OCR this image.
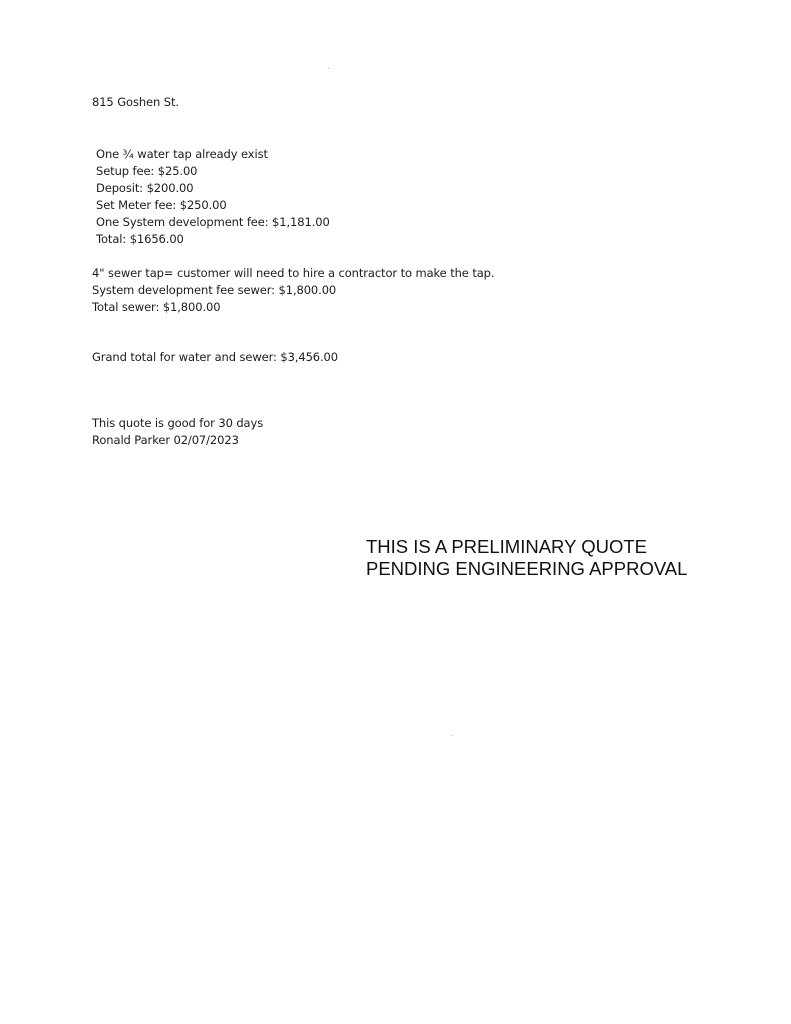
815 Goshen St.
One ¾ water tap already exist
Setup fee: $25.00
Deposit: $200.00
Set Meter fee: $250.00
One System development fee: $1,181.00
Total: $1656.00
4" sewer tap= customer will need to hire a contractor to make the tap.
System development fee sewer: $1,800.00
Total sewer: $1,800.00
Grand total for water and sewer: $3,456.00
This quote is good for 30 days
Ronald Parker 02/07/2023
THIS IS A PRELIMINARY QUOTE
PENDING ENGINEERING APPROVAL
